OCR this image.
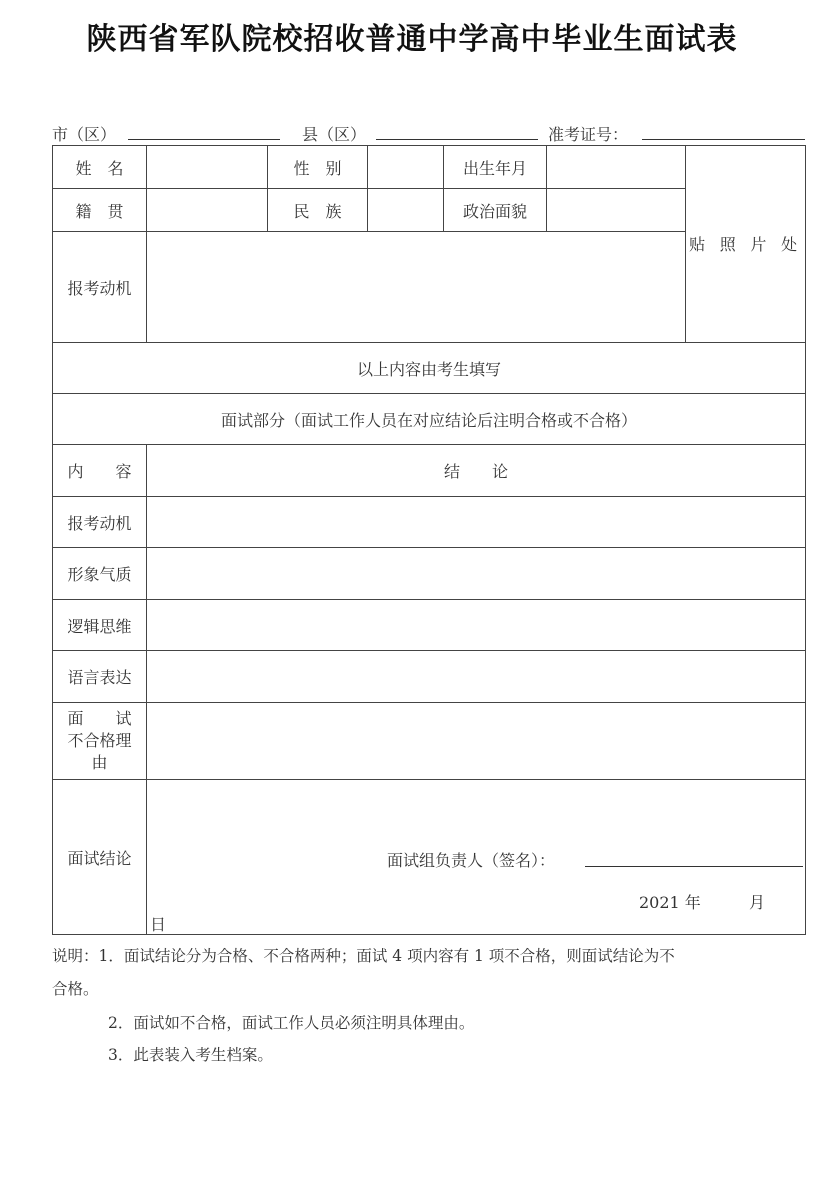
陕西省军队院校招收普通中学高中毕业生面试表
市（区）	县（区）	准考证号：
姓　名		性　别		出生年月		贴 照 片 处
籍　贯		民　族		政治面貌		
报考动机						
以上内容由考生填写						
面试部分（面试工作人员在对应结论后注明合格或不合格）						
内　　容	结　　论					
报考动机						
形象气质						
逻辑思维						
语言表达						

面　　试
不合格理
由						

面试结论	面试组负责人（签名）：
2021 年 月
日					
说明：1．面试结论分为合格、不合格两种；面试 4 项内容有 1 项不合格，则面试结论为不
合格。
2．面试如不合格，面试工作人员必须注明具体理由。
3．此表装入考生档案。
